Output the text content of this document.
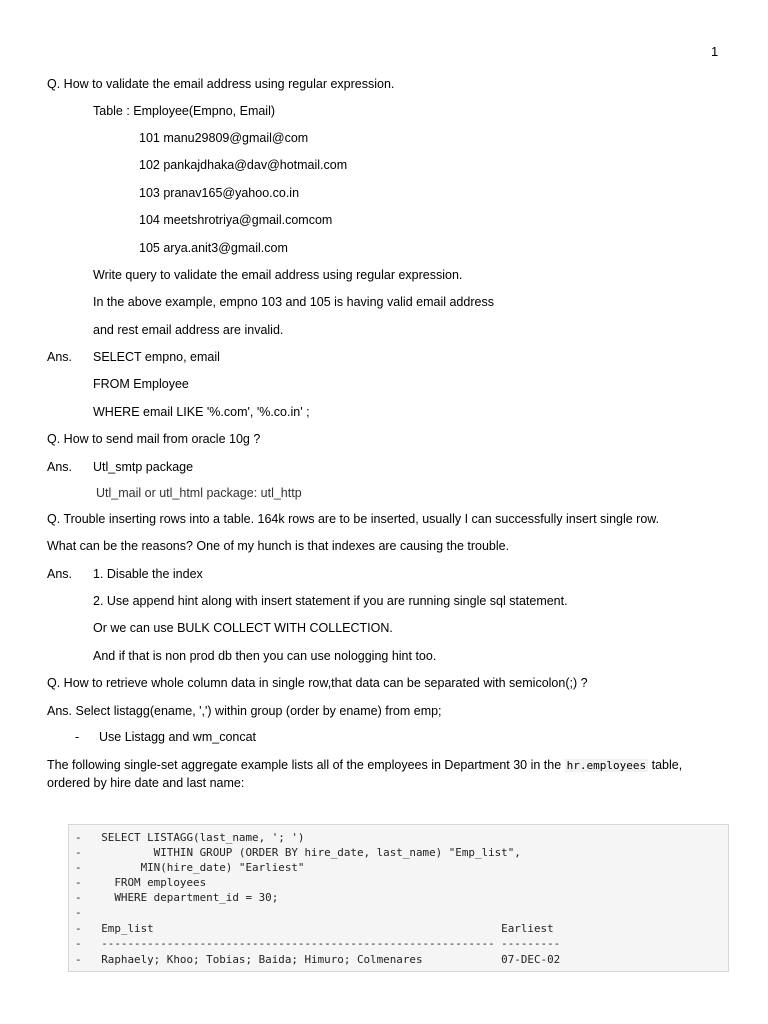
1
Q. How to validate the email address using regular expression.
Table : Employee(Empno, Email)
101 manu29809@gmail@com
102 pankajdhaka@dav@hotmail.com
103 pranav165@yahoo.co.in
104 meetshrotriya@gmail.comcom
105 arya.anit3@gmail.com
Write query to validate the email address using regular expression.
In the above example, empno 103 and 105 is having valid email address
and rest email address are invalid.
Ans. SELECT empno, email
FROM Employee
WHERE email LIKE '%.com', '%.co.in' ;
Q. How to send mail from oracle 10g ?
Ans. Utl_smtp package
Utl_mail or utl_html package: utl_http
Q. Trouble inserting rows into a table. 164k rows are to be inserted, usually I can successfully insert single row.
What can be the reasons? One of my hunch is that indexes are causing the trouble.
Ans. 1. Disable the index
2. Use append hint along with insert statement if you are running single sql statement.
Or we can use BULK COLLECT WITH COLLECTION.
And if that is non prod db then you can use nologging hint too.
Q. How to retrieve whole column data in single row,that data can be separated with semicolon(;) ?
Ans. Select listagg(ename, ',') within group (order by ename) from emp;
- Use Listagg and wm_concat
The following single-set aggregate example lists all of the employees in Department 30 in the hr.employees table,
ordered by hire date and last name:
-   SELECT LISTAGG(last_name, '; ')
-           WITHIN GROUP (ORDER BY hire_date, last_name) "Emp_list",
-         MIN(hire_date) "Earliest"
-     FROM employees
-     WHERE department_id = 30;
-
-   Emp_list                                                     Earliest
-   ------------------------------------------------------------ ---------
-   Raphaely; Khoo; Tobias; Baida; Himuro; Colmenares            07-DEC-02
